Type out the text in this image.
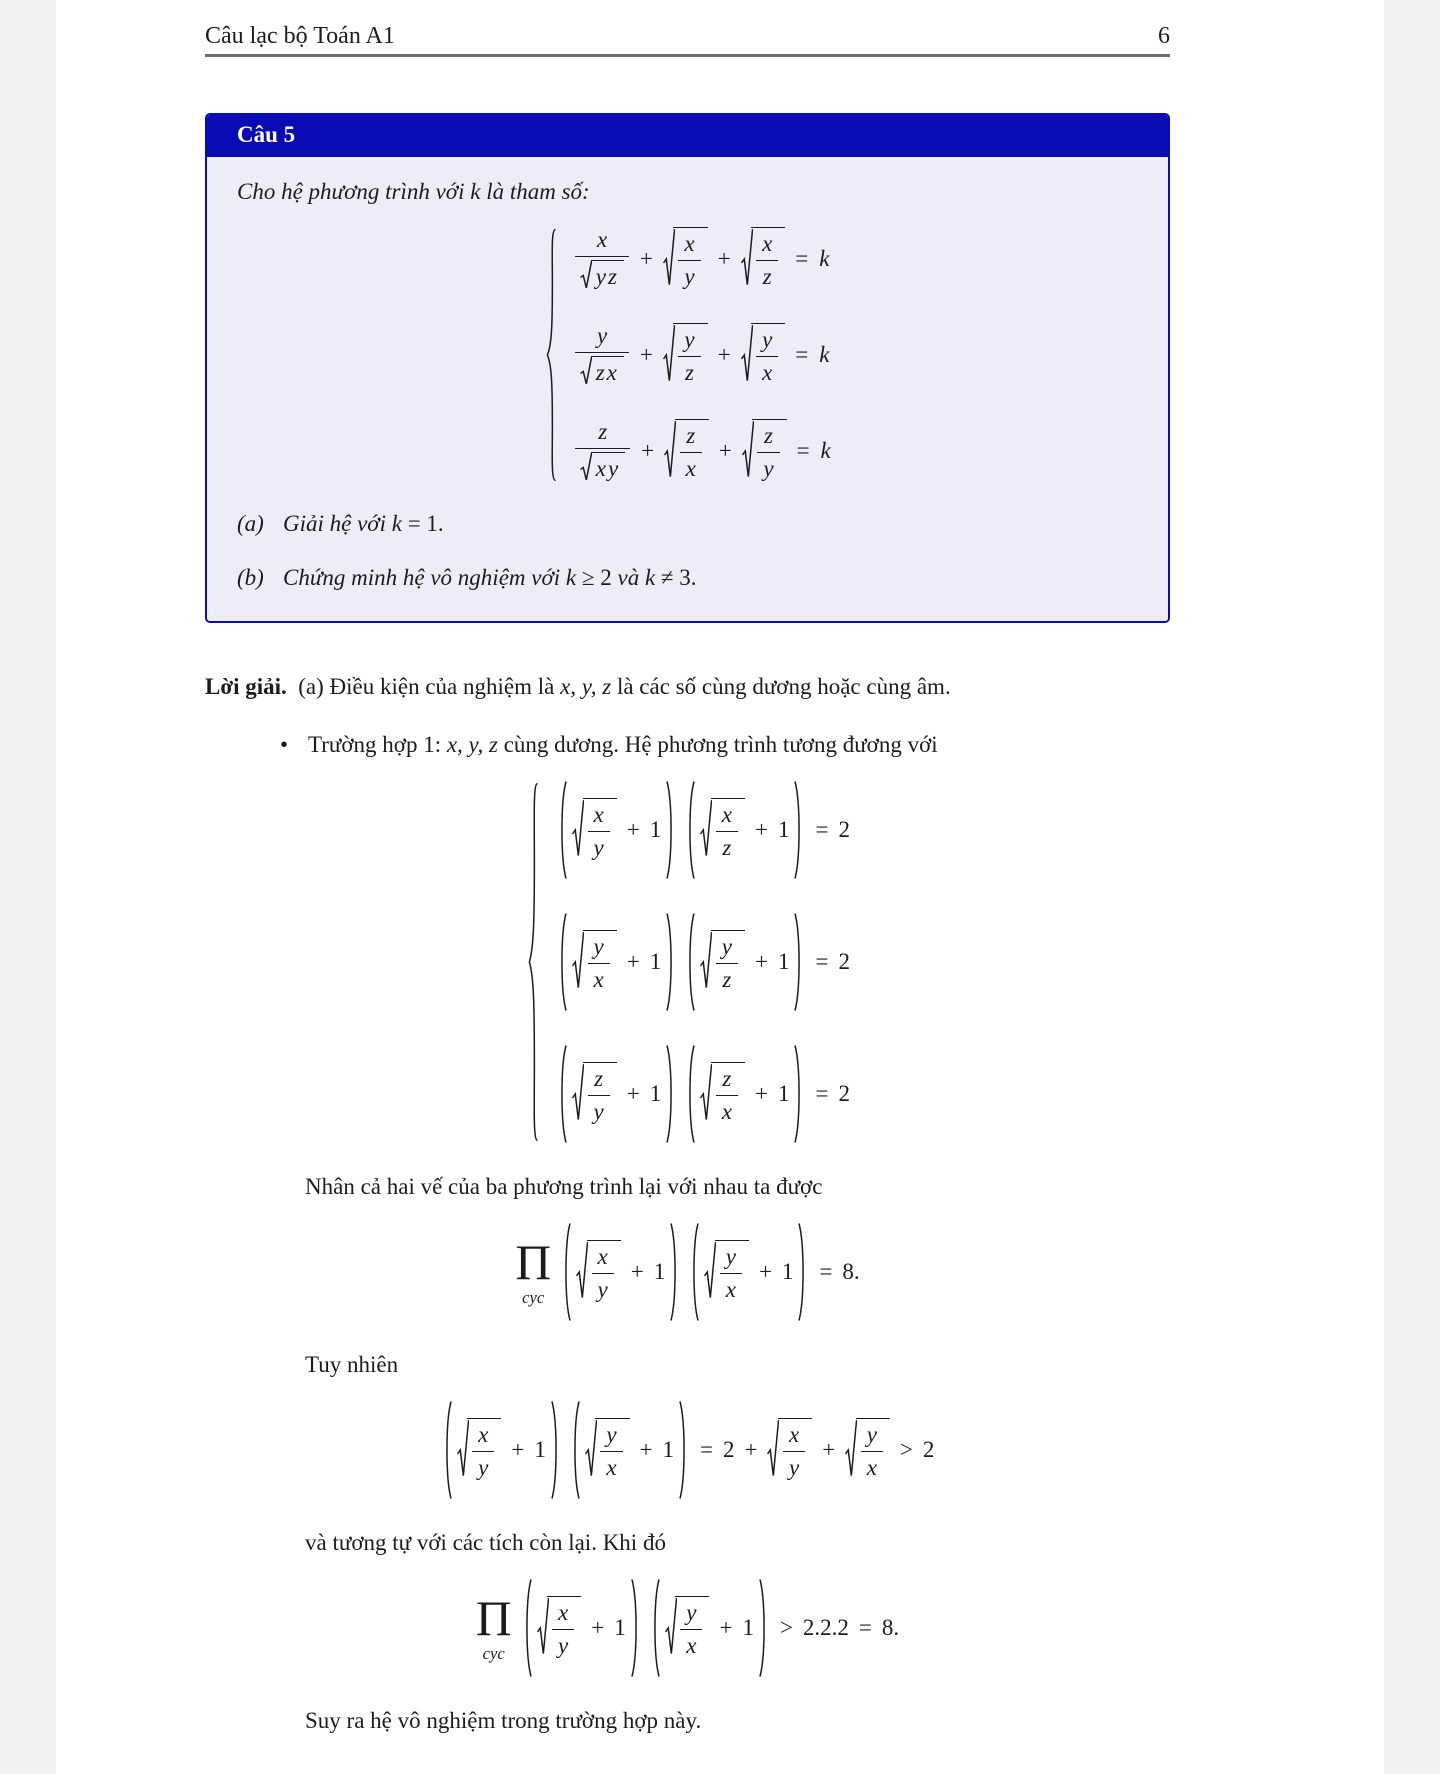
Câu lạc bộ Toán A1	6
Câu 5

Cho hệ phương trình với k là tham số:

x
y z
+
x
y
+
x
z
= k
y
z x
+
y
z
+
y
x
= k
z
x y
+
z
x
+
z
y
= k
(a) Giải hệ với k = 1.
(b) Chứng minh hệ vô nghiệm với k ≥ 2 và k ≠ 3.

Lời giải.  (a) Điều kiện của nghiệm là x, y, z là các số cùng dương hoặc cùng âm.

• Trường hợp 1: x, y, z cùng dương. Hệ phương trình tương đương với
x
y
+ 1
x
z
+ 1 = 2
y
x
+ 1
y
z
+ 1 = 2
z
y
+ 1
z
x
+ 1 = 2

Nhân cả hai vế của ba phương trình lại với nhau ta được

Π
cyc
x
y
+ 1
y
x
+ 1 = 8.

Tuy nhiên

x
y
+ 1
y
x
+ 1 = 2 +
x
y
+
y
x
> 2

và tương tự với các tích còn lại. Khi đó

Π
cyc
x
y
+ 1
y
x
+ 1 > 2.2.2 = 8.

Suy ra hệ vô nghiệm trong trường hợp này.
